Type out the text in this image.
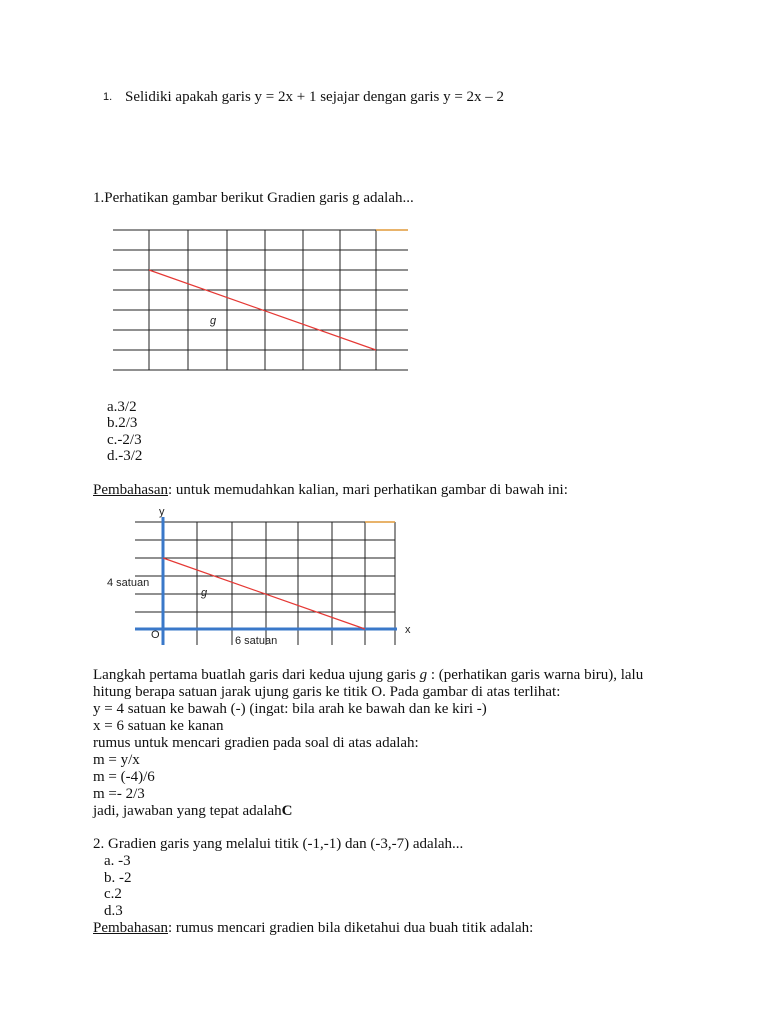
1. Selidiki apakah garis y = 2x + 1 sejajar dengan garis y = 2x – 2
1.Perhatikan gambar berikut Gradien garis g adalah...
g
a.3/2
b.2/3
c.-2/3
d.-3/2
Pembahasan: untuk memudahkan kalian, mari perhatikan gambar di bawah ini:
y
x
O
g
4 satuan
6 satuan
Langkah pertama buatlah garis dari kedua ujung garis g : (perhatikan garis warna biru), lalu
hitung berapa satuan jarak ujung garis ke titik O. Pada gambar di atas terlihat:
y = 4 satuan ke bawah (-) (ingat: bila arah ke bawah dan ke kiri -)
x = 6 satuan ke kanan
rumus untuk mencari gradien pada soal di atas adalah:
m = y/x
m = (-4)/6
m =- 2/3
jadi, jawaban yang tepat adalahC
2. Gradien garis yang melalui titik (-1,-1) dan (-3,-7) adalah...
a. -3
b. -2
c.2
d.3
Pembahasan: rumus mencari gradien bila diketahui dua buah titik adalah:
